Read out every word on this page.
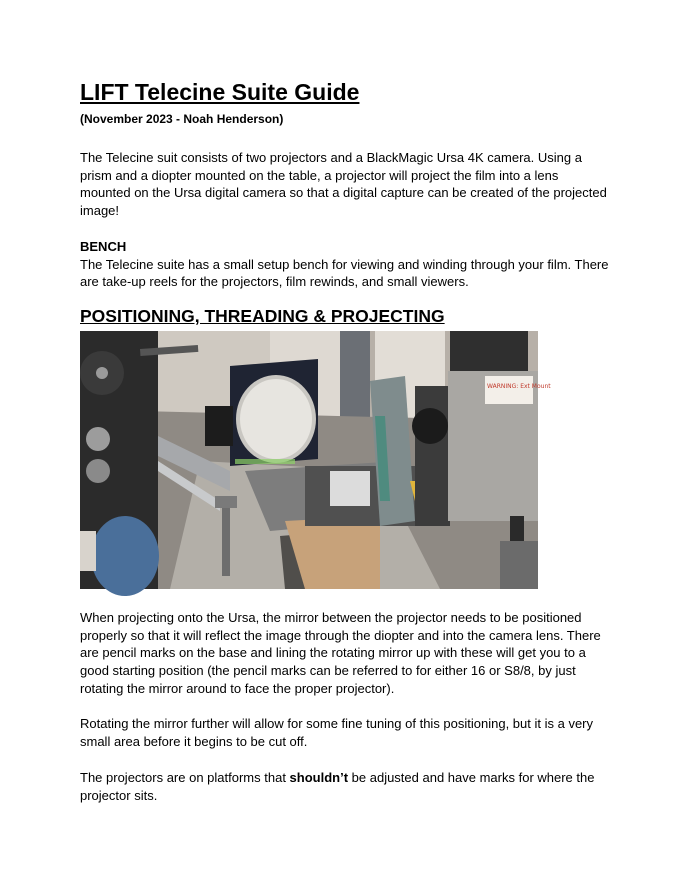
LIFT Telecine Suite Guide
(November 2023 - Noah Henderson)

The Telecine suit consists of two projectors and a BlackMagic Ursa 4K camera. Using a prism and a diopter mounted on the table, a projector will project the film into a lens mounted on the Ursa digital camera so that a digital capture can be created of the projected image!

BENCH

The Telecine suite has a small setup bench for viewing and winding through your film. There are take-up reels for the projectors, film rewinds, and small viewers.

POSITIONING, THREADING & PROJECTING
WARNING: Ext Mount

When projecting onto the Ursa, the mirror between the projector needs to be positioned properly so that it will reflect the image through the diopter and into the camera lens. There are pencil marks on the base and lining the rotating mirror up with these will get you to a good starting position (the pencil marks can be referred to for either 16 or S8/8, by just rotating the mirror around to face the proper projector).

Rotating the mirror further will allow for some fine tuning of this positioning, but it is a very small area before it begins to be cut off.

The projectors are on platforms that shouldn’t be adjusted and have marks for where the projector sits.
